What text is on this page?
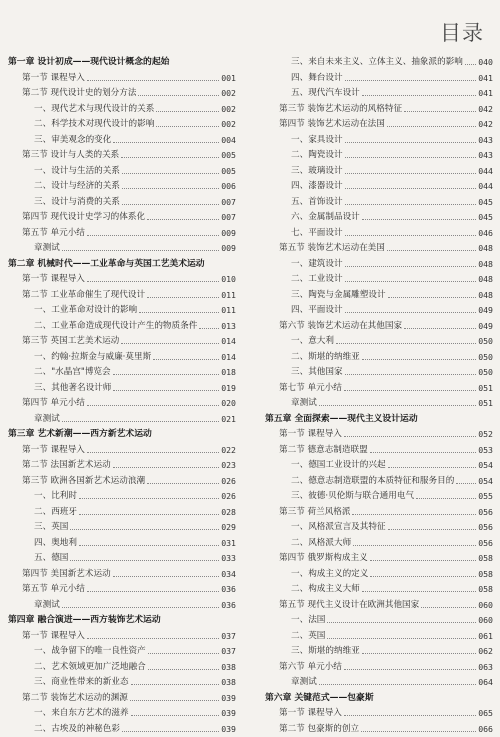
目录
第一章 设计初成——现代设计概念的起始
第一节 课程导入	001
第二节 现代设计史的划分方法	002
一、现代艺术与现代设计的关系	002
二、科学技术对现代设计的影响	002
三、审美观念的变化	004
第三节 设计与人类的关系	005
一、设计与生活的关系	005
二、设计与经济的关系	006
三、设计与消费的关系	007
第四节 现代设计史学习的体系化	007
第五节 单元小结	009
章测试	009
第二章 机械时代——工业革命与英国工艺美术运动
第一节 课程导入	010
第二节 工业革命催生了现代设计	011
一、工业革命对设计的影响	011
二、工业革命造成现代设计产生的物质条件	013
第三节 英国工艺美术运动	014
一、约翰·拉斯金与威廉·莫里斯	014
二、"水晶宫"博览会	018
三、其他著名设计师	019
第四节 单元小结	020
章测试	021
第三章 艺术新潮——西方新艺术运动
第一节 课程导入	022
第二节 法国新艺术运动	023
第三节 欧洲各国新艺术运动浪潮	026
一、比利时	026
二、西班牙	028
三、英国	029
四、奥地利	031
五、德国	033
第四节 美国新艺术运动	034
第五节 单元小结	036
章测试	036
第四章 融合演进——西方装饰艺术运动
第一节 课程导入	037
一、战争留下的唯一良性资产	037
二、艺术领域更加广泛地融合	038
三、商业性带来的新业态	038
第二节 装饰艺术运动的渊源	039
一、来自东方艺术的滋养	039
二、古埃及的神秘色彩	039
三、来自未来主义、立体主义、抽象派的影响 040
四、舞台设计	041
五、现代汽车设计	041
第三节 装饰艺术运动的风格特征	042
第四节 装饰艺术运动在法国	042
一、家具设计	043
二、陶瓷设计	043
三、玻璃设计	044
四、漆器设计	044
五、首饰设计	045
六、金属制品设计	045
七、平面设计	046
第五节 装饰艺术运动在美国	048
一、建筑设计	048
二、工业设计	048
三、陶瓷与金属雕塑设计	048
四、平面设计	049
第六节 装饰艺术运动在其他国家	049
一、意大利	050
二、斯堪的纳维亚	050
三、其他国家	050
第七节 单元小结	051
章测试	051
第五章 全面探索——现代主义设计运动
第一节 课程导入	052
第二节 德意志制造联盟	053
一、德国工业设计的兴起	054
二、德意志制造联盟的本质特征和服务目的	054
三、彼德·贝伦斯与联合通用电气	055
第三节 荷兰风格派	056
一、风格派宣言及其特征	056
二、风格派大师	056
第四节 俄罗斯构成主义	058
一、构成主义的定义	058
二、构成主义大师	058
第五节 现代主义设计在欧洲其他国家	060
一、法国	060
二、英国	061
三、斯堪的纳维亚	062
第六节 单元小结	063
章测试	064
第六章 关键范式——包豪斯
第一节 课程导入	065
第二节 包豪斯的创立	066
